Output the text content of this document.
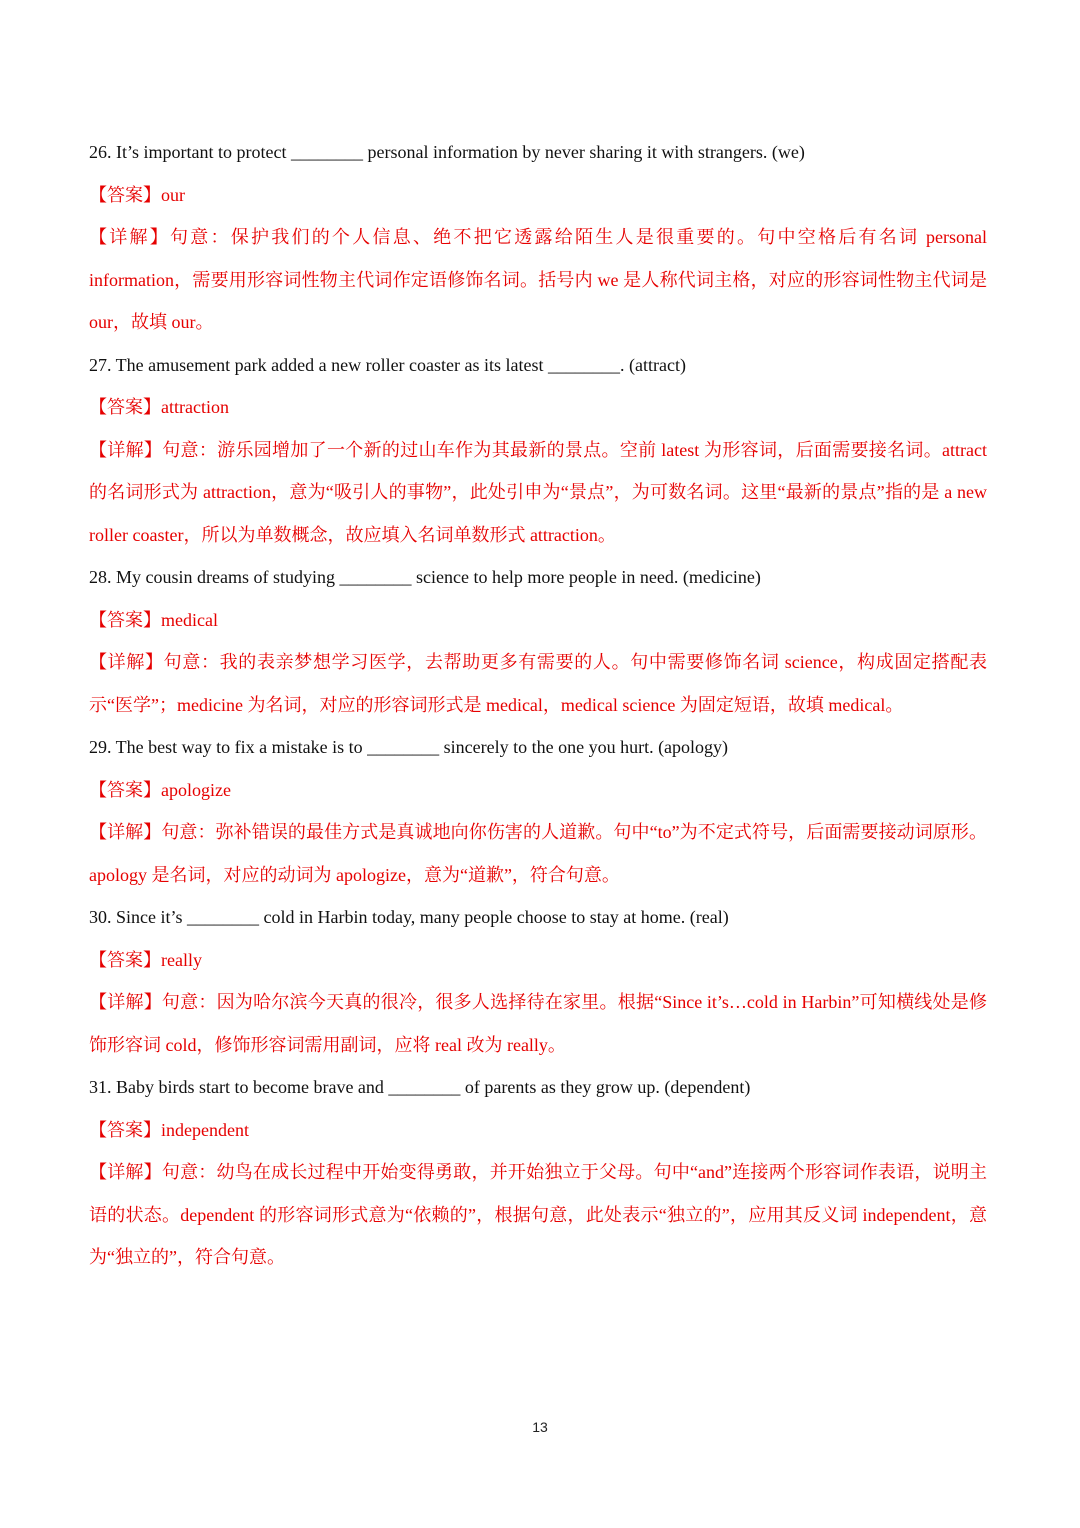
26. It’s important to protect ________ personal information by never sharing it with strangers. (we)
【答案】our
【详解】句意：保护我们的个人信息、绝不把它透露给陌生人是很重要的。句中空格后有名词 personal information，需要用形容词性物主代词作定语修饰名词。括号内 we 是人称代词主格，对应的形容词性物主代词是 our，故填 our。
27. The amusement park added a new roller coaster as its latest ________. (attract)
【答案】attraction
【详解】句意：游乐园增加了一个新的过山车作为其最新的景点。空前 latest 为形容词，后面需要接名词。attract 的名词形式为 attraction，意为“吸引人的事物”，此处引申为“景点”，为可数名词。这里“最新的景点”指的是 a new roller coaster，所以为单数概念，故应填入名词单数形式 attraction。
28. My cousin dreams of studying ________ science to help more people in need. (medicine)
【答案】medical
【详解】句意：我的表亲梦想学习医学，去帮助更多有需要的人。句中需要修饰名词 science，构成固定搭配表示“医学”；medicine 为名词，对应的形容词形式是 medical，medical science 为固定短语，故填 medical。
29. The best way to fix a mistake is to ________ sincerely to the one you hurt. (apology)
【答案】apologize
【详解】句意：弥补错误的最佳方式是真诚地向你伤害的人道歉。句中“to”为不定式符号，后面需要接动词原形。apology 是名词，对应的动词为 apologize，意为“道歉”，符合句意。
30. Since it’s ________ cold in Harbin today, many people choose to stay at home. (real)
【答案】really
【详解】句意：因为哈尔滨今天真的很冷，很多人选择待在家里。根据“Since it’s…cold in Harbin”可知横线处是修饰形容词 cold，修饰形容词需用副词，应将 real 改为 really。
31. Baby birds start to become brave and ________ of parents as they grow up. (dependent)
【答案】independent
【详解】句意：幼鸟在成长过程中开始变得勇敢，并开始独立于父母。句中“and”连接两个形容词作表语，说明主语的状态。dependent 的形容词形式意为“依赖的”，根据句意，此处表示“独立的”，应用其反义词 independent，意为“独立的”，符合句意。
13
